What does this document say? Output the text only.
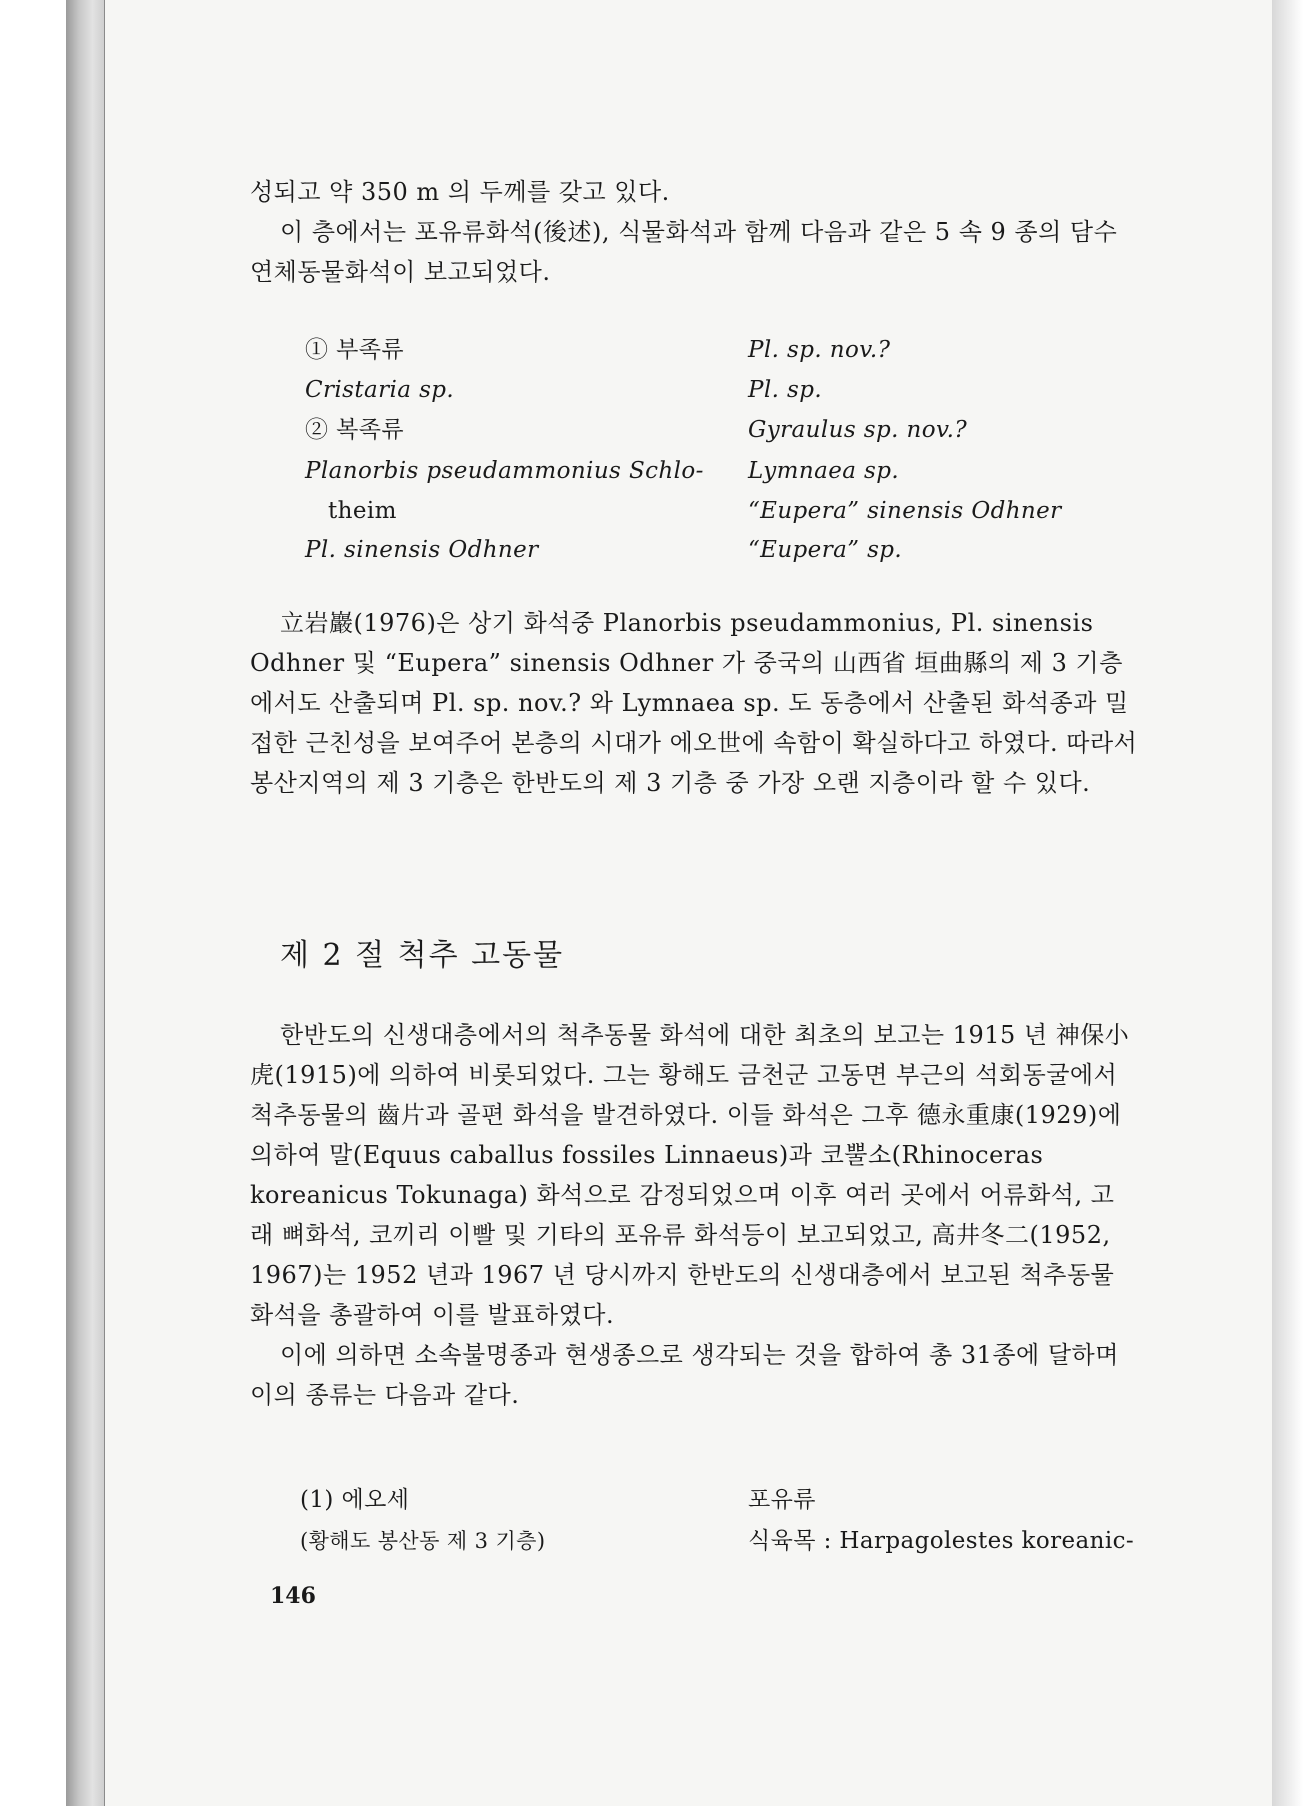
성되고 약 350 m 의 두께를 갖고 있다.

이 층에서는 포유류화석(後述), 식물화석과 함께 다음과 같은 5 속 9 종의 담수연체동물화석이 보고되었다.

① 부족류
Cristaria sp.
② 복족류
Planorbis pseudammonius Schlo-
theim
Pl. sinensis Odhner
Pl. sp. nov.?
Pl. sp.
Gyraulus sp. nov.?
Lymnaea sp.
“Eupera” sinensis Odhner
“Eupera” sp.

立岩巖(1976)은 상기 화석중 Planorbis pseudammonius, Pl. sinensis Odhner 및 “Eupera” sinensis Odhner 가 중국의 山西省 垣曲縣의 제 3 기층에서도 산출되며 Pl. sp. nov.? 와 Lymnaea sp. 도 동층에서 산출된 화석종과 밀접한 근친성을 보여주어 본층의 시대가 에오世에 속함이 확실하다고 하였다. 따라서 봉산지역의 제 3 기층은 한반도의 제 3 기층 중 가장 오랜 지층이라 할 수 있다.

제 2 절 척추 고동물

한반도의 신생대층에서의 척추동물 화석에 대한 최초의 보고는 1915 년 神保小虎(1915)에 의하여 비롯되었다. 그는 황해도 금천군 고동면 부근의 석회동굴에서 척추동물의 齒片과 골편 화석을 발견하였다. 이들 화석은 그후 德永重康(1929)에 의하여 말(Equus caballus fossiles Linnaeus)과 코뿔소(Rhinoceras koreanicus Tokunaga) 화석으로 감정되었으며 이후 여러 곳에서 어류화석, 고래 뼈화석, 코끼리 이빨 및 기타의 포유류 화석등이 보고되었고, 高井冬二(1952, 1967)는 1952 년과 1967 년 당시까지 한반도의 신생대층에서 보고된 척추동물 화석을 총괄하여 이를 발표하였다.

이에 의하면 소속불명종과 현생종으로 생각되는 것을 합하여 총 31종에 달하며 이의 종류는 다음과 같다.

(1) 에오세
(황해도 봉산동 제 3 기층)
포유류
식육목 : Harpagolestes koreanic-
146
